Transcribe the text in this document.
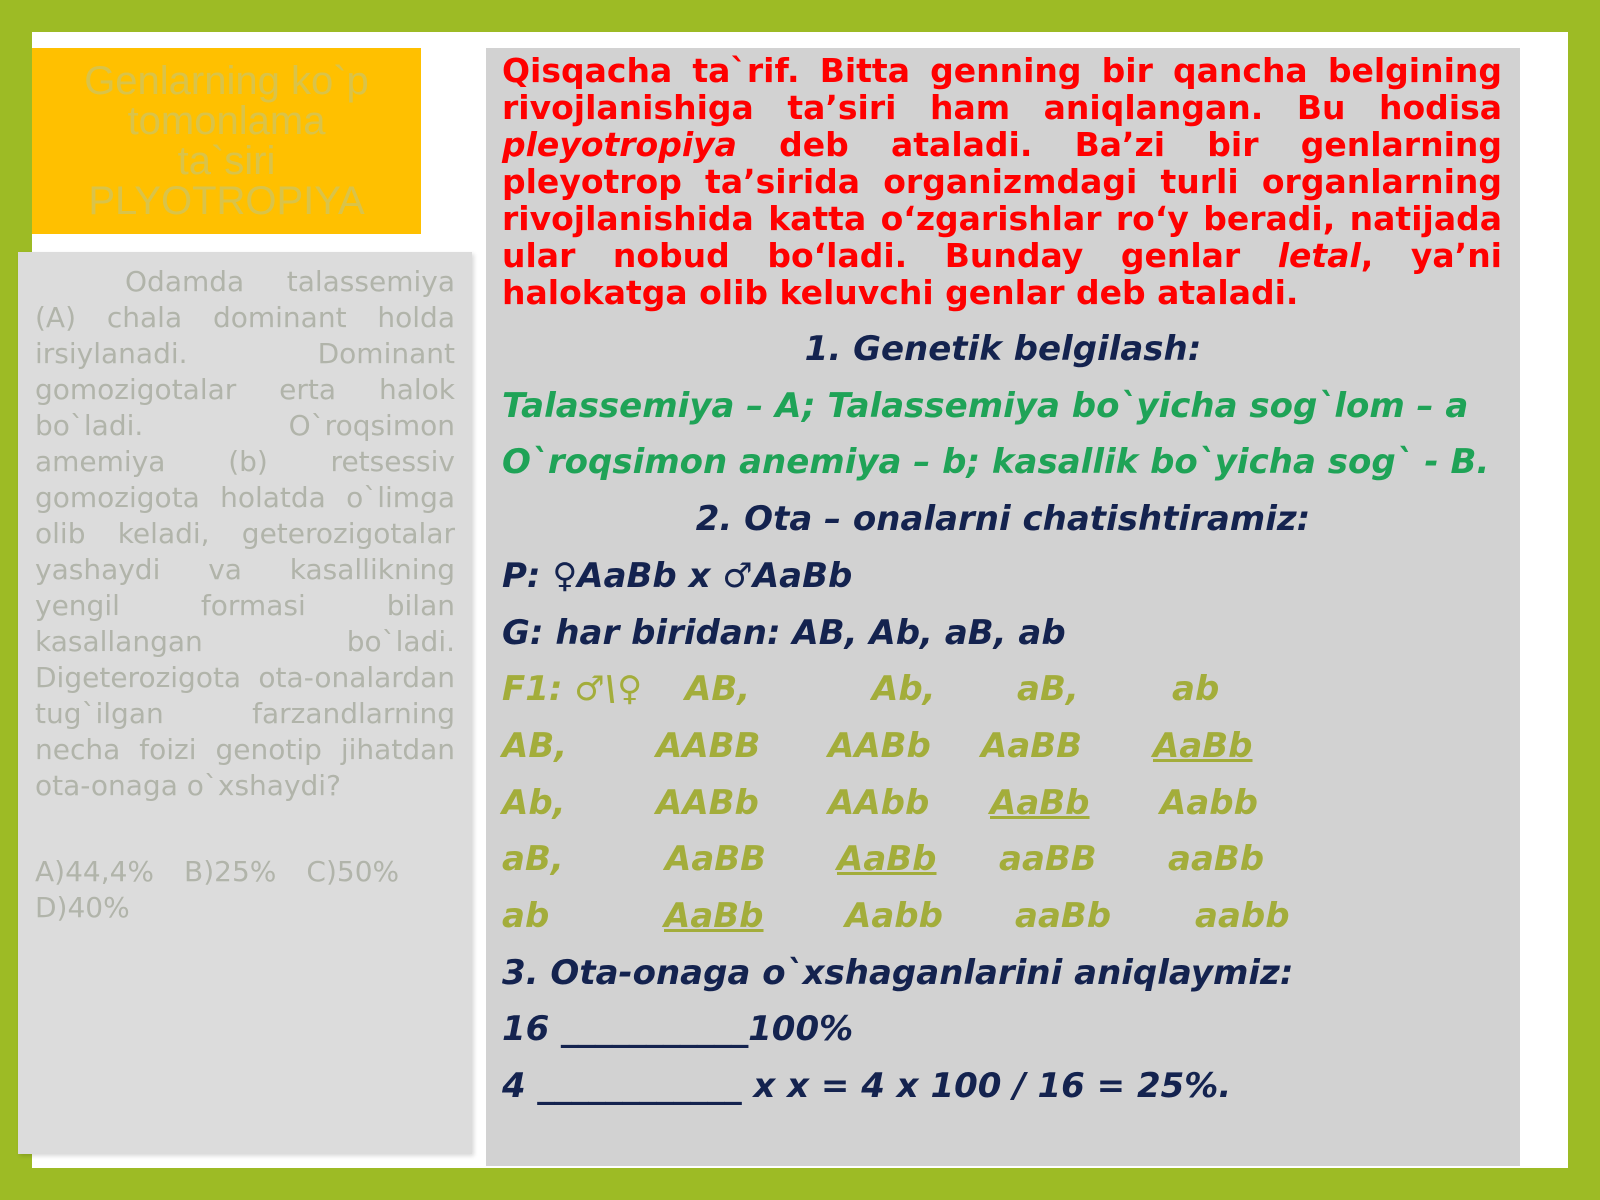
Genlarning ko`p
tomonlama
ta`siri
PLYOTROPIYA

Odamda talassemiya (A) chala dominant holda irsiylanadi. Dominant gomozigotalar erta halok bo`ladi. O`roqsimon amemiya (b) retsessiv gomozigota holatda o`limga olib keladi, geterozigotalar yashaydi va kasallikning yengil formasi bilan kasallangan bo`ladi. Digeterozigota ota-onalardan tug`ilgan farzandlarning necha foizi genotip jihatdan ota-onaga o`xshaydi?

A)44,4% B)25% C)50%
D)40%

Qisqacha ta`rif. Bitta genning bir qancha belgining rivojlanishiga ta’siri ham aniqlangan. Bu hodisa pleyotropiya deb ataladi. Ba’zi bir genlarning pleyotrop ta’sirida organizmdagi turli organlarning rivojlanishida katta o‘zgarishlar ro‘y beradi, natijada ular nobud bo‘ladi. Bunday genlar letal, ya’ni halokatga olib keluvchi genlar deb ataladi.

1. Genetik belgilash:

Talassemiya – A; Talassemiya bo`yicha sog`lom – a

O`roqsimon anemiya – b; kasallik bo`yicha sog` - B.

2. Ota – onalarni chatishtiramiz:

P: ♀AaBb x ♂AaBb

G: har biridan: AB, Ab, aB, ab

F1: ♂\♀ AB,	Ab, aB,	ab
AB,	AABB AABb AaBB AaBb
Ab,	AABb AAbb AaBb Aabb
aB,	AaBB AaBb aaBB aaBb
ab	AaBb Aabb aaBb aabb

3. Ota-onaga o`xshaganlarini aniqlaymiz:

16 ___________100%

4 ____________ x x = 4 x 100 / 16 = 25%.
